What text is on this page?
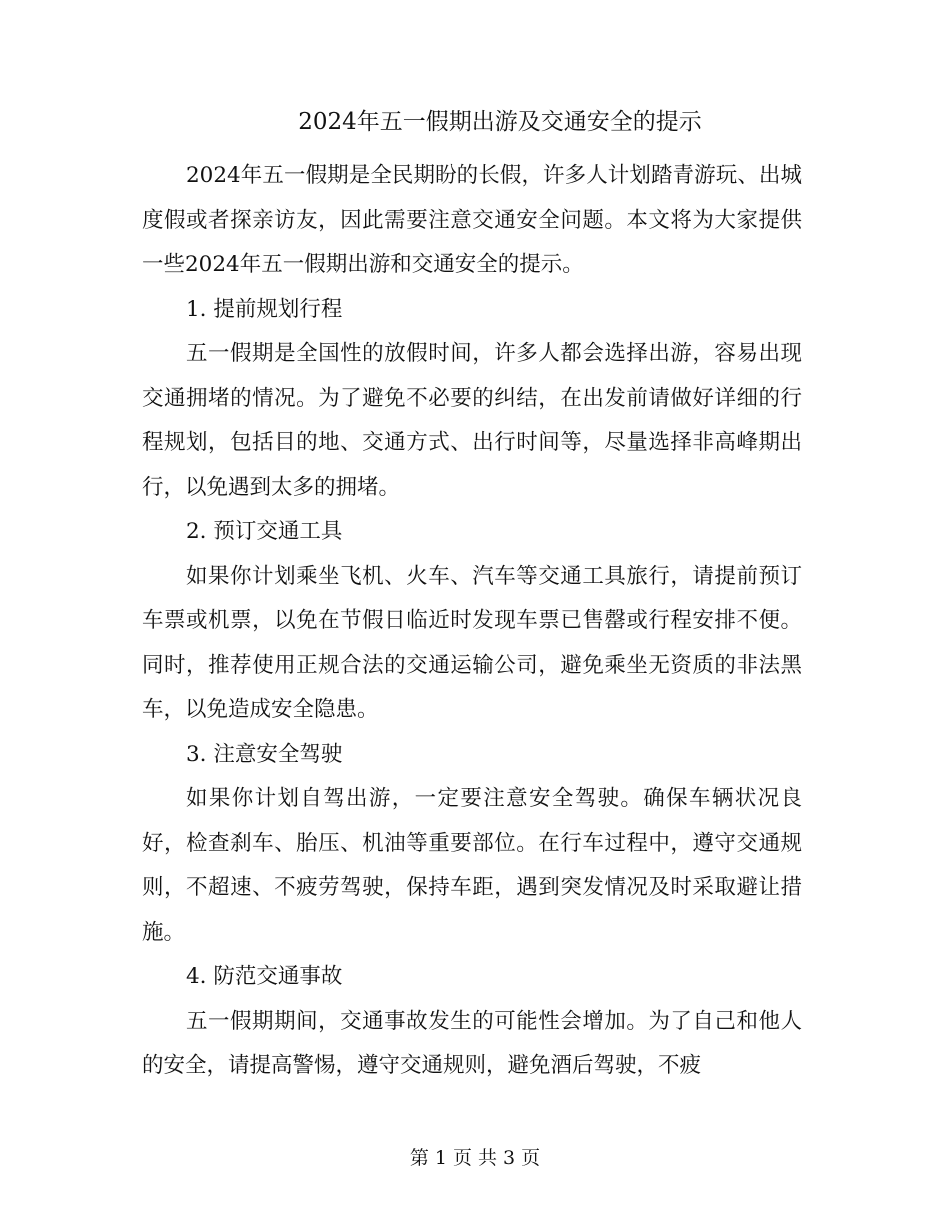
2024年五一假期出游及交通安全的提示

2024年五一假期是全民期盼的长假，许多人计划踏青游玩、出城度假或者探亲访友，因此需要注意交通安全问题。本文将为大家提供一些2024年五一假期出游和交通安全的提示。

1. 提前规划行程

五一假期是全国性的放假时间，许多人都会选择出游，容易出现交通拥堵的情况。为了避免不必要的纠结，在出发前请做好详细的行程规划，包括目的地、交通方式、出行时间等，尽量选择非高峰期出行，以免遇到太多的拥堵。

2. 预订交通工具

如果你计划乘坐飞机、火车、汽车等交通工具旅行，请提前预订车票或机票，以免在节假日临近时发现车票已售罄或行程安排不便。同时，推荐使用正规合法的交通运输公司，避免乘坐无资质的非法黑车，以免造成安全隐患。

3. 注意安全驾驶

如果你计划自驾出游，一定要注意安全驾驶。确保车辆状况良好，检查刹车、胎压、机油等重要部位。在行车过程中，遵守交通规则，不超速、不疲劳驾驶，保持车距，遇到突发情况及时采取避让措施。

4. 防范交通事故

五一假期期间，交通事故发生的可能性会增加。为了自己和他人的安全，请提高警惕，遵守交通规则，避免酒后驾驶，不疲

第 1 页 共 3 页
